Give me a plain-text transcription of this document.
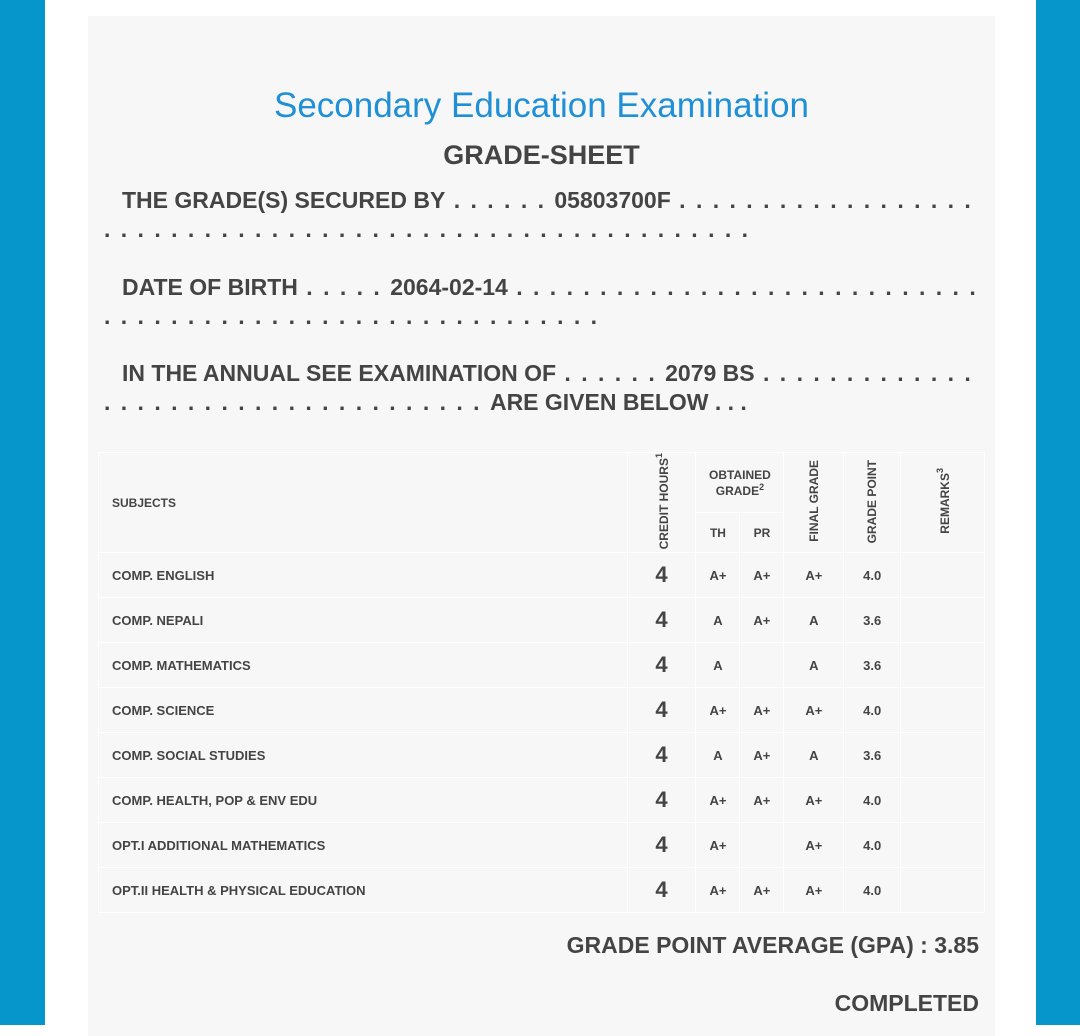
Secondary Education Examination
GRADE-SHEET
THE GRADE(S) SECURED BY . . . . . . 05803700F . . . . . . . . . . . . . . . . . . . . . . . . . . . . . . . . . . . . . . . . . . . . . . . . . . . . . . . . .
DATE OF BIRTH . . . . . 2064-02-14 . . . . . . . . . . . . . . . . . . . . . . . . . . . . . . . . . . . . . . . . . . . . . . . . . . . . . . . . . .
IN THE ANNUAL SEE EXAMINATION OF . . . . . . 2079 BS . . . . . . . . . . . . . . . . . . . . . . . . . . . . . . . . . . . . ARE GIVEN BELOW . . .
SUBJECTS	CREDIT HOURS$^1$	OBTAINED GRADE$^2$		FINAL GRADE	GRADE POINT	REMARKS$^3$
		TH	PR			
COMP. ENGLISH	4	A+	A+	A+	4.0	
COMP. NEPALI	4	A	A+	A	3.6	
COMP. MATHEMATICS	4	A		A	3.6	
COMP. SCIENCE	4	A+	A+	A+	4.0	
COMP. SOCIAL STUDIES	4	A	A+	A	3.6	
COMP. HEALTH, POP & ENV EDU	4	A+	A+	A+	4.0	
OPT.I ADDITIONAL MATHEMATICS	4	A+		A+	4.0	
OPT.II HEALTH & PHYSICAL EDUCATION	4	A+	A+	A+	4.0	
GRADE POINT AVERAGE (GPA) : 3.85
COMPLETED
